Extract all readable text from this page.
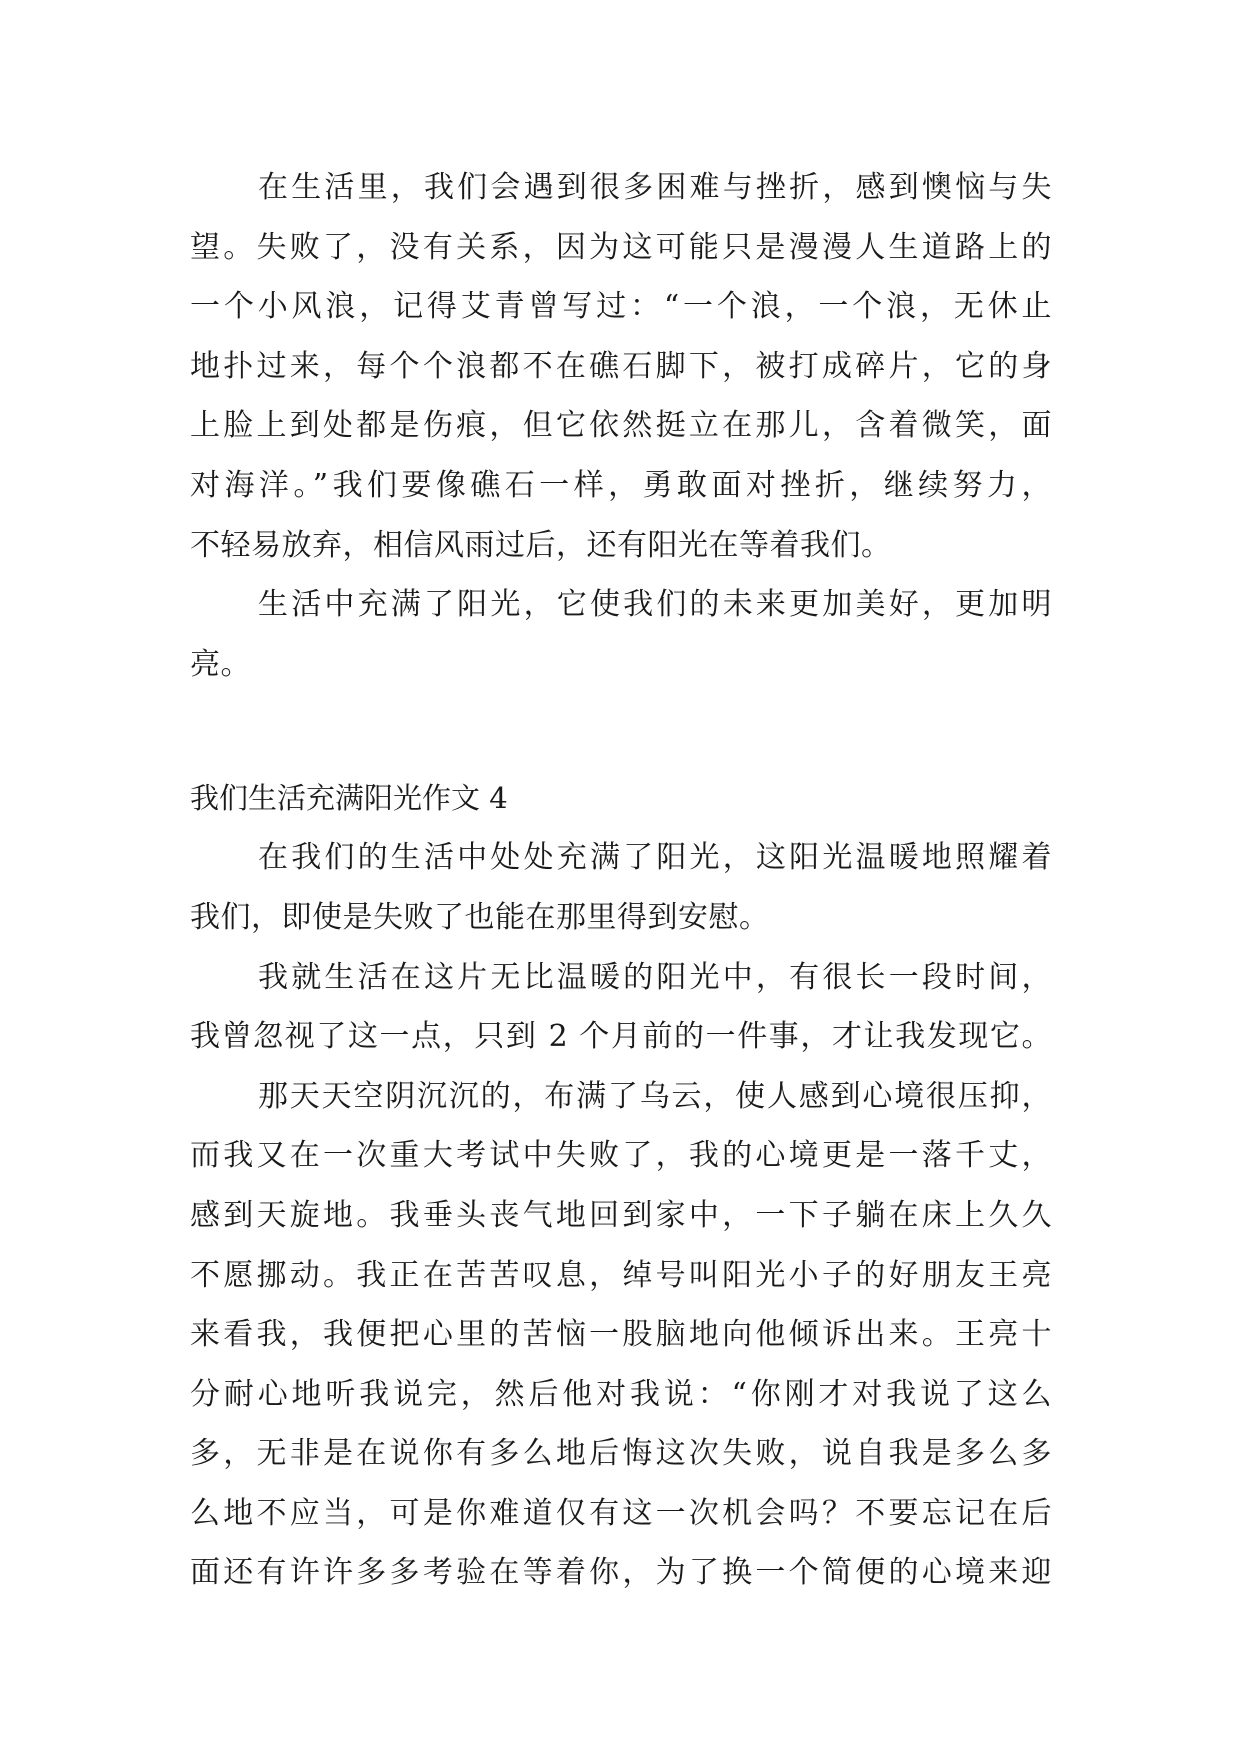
在生活里，我们会遇到很多困难与挫折，感到懊恼与失
望。失败了，没有关系，因为这可能只是漫漫人生道路上的
一个小风浪，记得艾青曾写过：“一个浪，一个浪，无休止
地扑过来，每个个浪都不在礁石脚下，被打成碎片，它的身
上脸上到处都是伤痕，但它依然挺立在那儿，含着微笑，面
对海洋。”我们要像礁石一样，勇敢面对挫折，继续努力，
不轻易放弃，相信风雨过后，还有阳光在等着我们。
生活中充满了阳光，它使我们的未来更加美好，更加明
亮。
我们生活充满阳光作文 4
在我们的生活中处处充满了阳光，这阳光温暖地照耀着
我们，即使是失败了也能在那里得到安慰。
我就生活在这片无比温暖的阳光中，有很长一段时间，
我曾忽视了这一点，只到 2 个月前的一件事，才让我发现它。
那天天空阴沉沉的，布满了乌云，使人感到心境很压抑，
而我又在一次重大考试中失败了，我的心境更是一落千丈，
感到天旋地。我垂头丧气地回到家中，一下子躺在床上久久
不愿挪动。我正在苦苦叹息，绰号叫阳光小子的好朋友王亮
来看我，我便把心里的苦恼一股脑地向他倾诉出来。王亮十
分耐心地听我说完，然后他对我说：“你刚才对我说了这么
多，无非是在说你有多么地后悔这次失败，说自我是多么多
么地不应当，可是你难道仅有这一次机会吗？不要忘记在后
面还有许许多多考验在等着你，为了换一个简便的心境来迎
